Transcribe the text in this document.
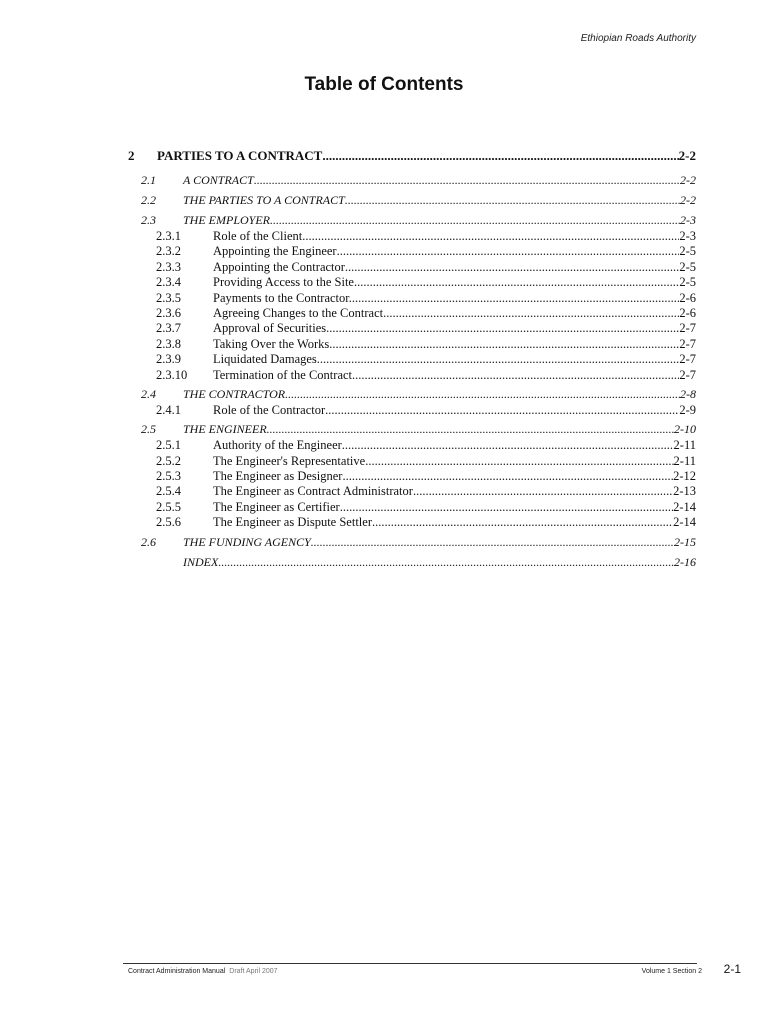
Ethiopian Roads Authority
Table of Contents
2	PARTIES TO A CONTRACT .....	2-2
2.1	A CONTRACT .....	2-2
2.2	THE PARTIES TO A CONTRACT .....	2-2
2.3	THE EMPLOYER .....	2-3
2.3.1	Role of the Client .....	2-3
2.3.2	Appointing the Engineer .....	2-5
2.3.3	Appointing the Contractor .....	2-5
2.3.4	Providing Access to the Site. .....	2-5
2.3.5	Payments to the Contractor. .....	2-6
2.3.6	Agreeing Changes to the Contract. .....	2-6
2.3.7	Approval of Securities .....	2-7
2.3.8	Taking Over the Works. .....	2-7
2.3.9	Liquidated Damages .....	2-7
2.3.10	Termination of the Contract. .....	2-7
2.4	THE CONTRACTOR .....	2-8
2.4.1	Role of the Contractor .....	2-9
2.5	THE ENGINEER .....	2-10
2.5.1	Authority of the Engineer .....	2-11
2.5.2	The Engineer's Representative .....	2-11
2.5.3	The Engineer as Designer .....	2-12
2.5.4	The Engineer as Contract Administrator .....	2-13
2.5.5	The Engineer as Certifier .....	2-14
2.5.6	The Engineer as Dispute Settler .....	2-14
2.6	THE FUNDING AGENCY .....	2-15
INDEX .....	2-16
Contract Administration Manual Draft April 2007	Volume 1 Section 2 2-1
